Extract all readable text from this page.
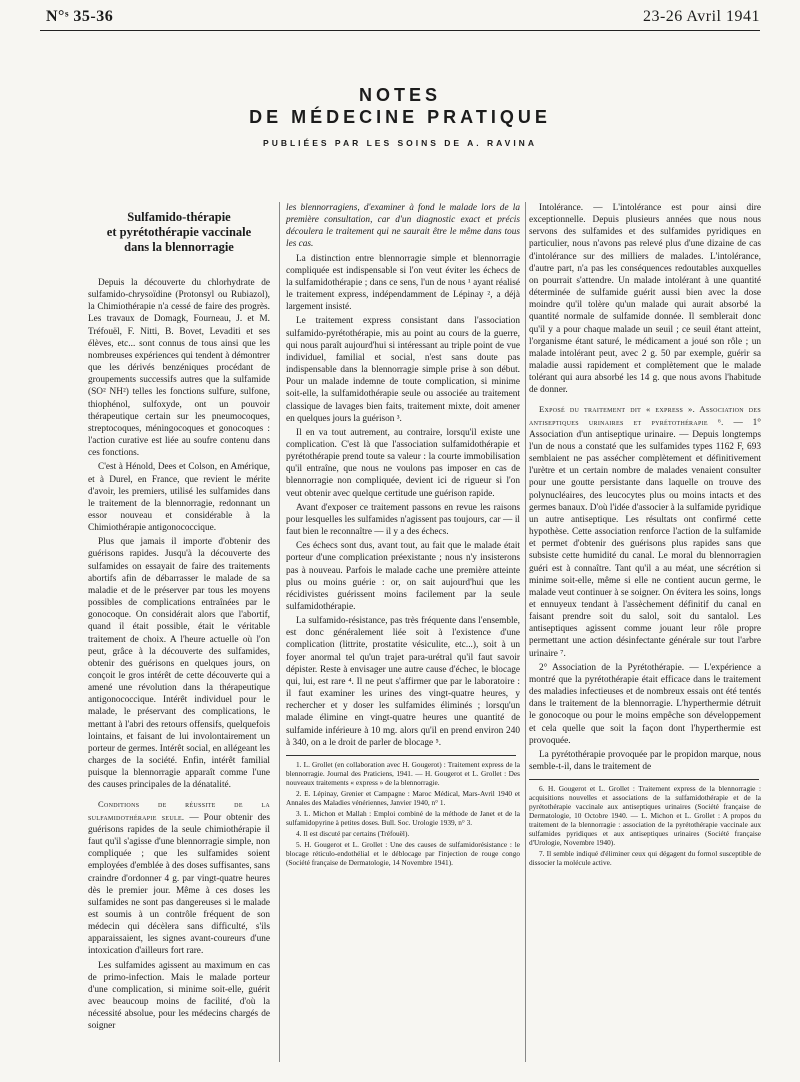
N°ˢ 35-36	23-26 Avril 1941
NOTES
DE MÉDECINE PRATIQUE
PUBLIÉES PAR LES SOINS DE A. RAVINA
Sulfamido-thérapie
et pyrétothérapie vaccinale
dans la blennorragie

Depuis la découverte du chlorhydrate de sulfamido-chrysoïdine (Protonsyl ou Rubiazol), la Chimiothérapie n'a cessé de faire des progrès. Les travaux de Domagk, Fourneau, J. et M. Tréfouël, F. Nitti, B. Bovet, Levaditi et ses élèves, etc... sont connus de tous ainsi que les nombreuses expériences qui tendent à démontrer que les dérivés benzéniques procédant de groupements successifs autres que la sulfamide (SO² NH²) telles les fonctions sulfure, sulfone, thiophénol, sulfoxyde, ont un pouvoir thérapeutique certain sur les pneumocoques, streptocoques, méningocoques et gonocoques : l'action curative est liée au soufre contenu dans ces fonctions.

C'est à Hénold, Dees et Colson, en Amérique, et à Durel, en France, que revient le mérite d'avoir, les premiers, utilisé les sulfamides dans le traitement de la blennorragie, redonnant un essor nouveau et considérable à la Chimiothérapie antigonococcique.

Plus que jamais il importe d'obtenir des guérisons rapides. Jusqu'à la découverte des sulfamides on essayait de faire des traitements abortifs afin de débarrasser le malade de sa maladie et de le préserver par tous les moyens possibles de complications entraînées par le gonocoque. On considérait alors que l'abortif, quand il était possible, était le véritable traitement de choix. A l'heure actuelle où l'on peut, grâce à la découverte des sulfamides, obtenir des guérisons en quelques jours, on conçoit le gros intérêt de cette découverte qui a amené une révolution dans la thérapeutique antigonococcique. Intérêt individuel pour le malade, le préservant des complications, le mettant à l'abri des retours offensifs, quelquefois lointains, et faisant de lui involontairement un porteur de germes. Intérêt social, en allégeant les charges de la société. Enfin, intérêt familial puisque la blennorragie apparaît comme l'une des causes principales de la dénatalité.

Conditions de réussite de la sulfamidothérapie seule. — Pour obtenir des guérisons rapides de la seule chimiothérapie il faut qu'il s'agisse d'une blennorragie simple, non compliquée ; que les sulfamides soient employées d'emblée à des doses suffisantes, sans craindre d'ordonner 4 g. par vingt-quatre heures dès le premier jour. Même à ces doses les sulfamides ne sont pas dangereuses si le malade est soumis à un contrôle fréquent de son médecin qui décèlera sans difficulté, s'ils apparaissaient, les signes avant-coureurs d'une intoxication d'ailleurs fort rare.

Les sulfamides agissent au maximum en cas de primo-infection. Mais le malade porteur d'une complication, si minime soit-elle, guérit avec beaucoup moins de facilité, d'où la nécessité absolue, pour les médecins chargés de soigner

les blennorragiens, d'examiner à fond le malade lors de la première consultation, car d'un diagnostic exact et précis découlera le traitement qui ne saurait être le même dans tous les cas.

La distinction entre blennorragie simple et blennorragie compliquée est indispensable si l'on veut éviter les échecs de la sulfamidothérapie ; dans ce sens, l'un de nous ¹ ayant réalisé le traitement express, indépendamment de Lépinay ², a déjà largement insisté.

Le traitement express consistant dans l'association sulfamido-pyrétothérapie, mis au point au cours de la guerre, qui nous paraît aujourd'hui si intéressant au triple point de vue individuel, familial et social, n'est sans doute pas indispensable dans la blennorragie simple prise à son début. Pour un malade indemne de toute complication, si minime soit-elle, la sulfamidothérapie seule ou associée au traitement classique de lavages bien faits, traitement mixte, doit amener en quelques jours la guérison ³.

Il en va tout autrement, au contraire, lorsqu'il existe une complication. C'est là que l'association sulfamidothérapie et pyrétothérapie prend toute sa valeur : la courte immobilisation qu'il entraîne, que nous ne voulons pas imposer en cas de blennorragie non compliquée, devient ici de rigueur si l'on veut obtenir avec quelque certitude une guérison rapide.

Avant d'exposer ce traitement passons en revue les raisons pour lesquelles les sulfamides n'agissent pas toujours, car — il faut bien le reconnaître — il y a des échecs.

Ces échecs sont dus, avant tout, au fait que le malade était porteur d'une complication préexistante ; nous n'y insisterons pas à nouveau. Parfois le malade cache une première atteinte plus ou moins guérie : or, on sait aujourd'hui que les récidivistes guérissent moins facilement par la seule sulfamidothérapie.

La sulfamido-résistance, pas très fréquente dans l'ensemble, est donc généralement liée soit à l'existence d'une complication (littrite, prostatite vésiculite, etc...), soit à un foyer anormal tel qu'un trajet para-urétral qu'il faut savoir dépister. Reste à envisager une autre cause d'échec, le blocage qui, lui, est rare ⁴. Il ne peut s'affirmer que par le laboratoire : il faut examiner les urines des vingt-quatre heures, y rechercher et y doser les sulfamides éliminés ; lorsqu'un malade élimine en vingt-quatre heures une quantité de sulfamide inférieure à 10 mg. alors qu'il en prend environ 240 à 340, on a le droit de parler de blocage ⁵.

1. L. Grollet (en collaboration avec H. Gougerot) : Traitement express de la blennorragie. Journal des Praticiens, 1941. — H. Gougerot et L. Grollet : Des nouveaux traitements « express » de la blennorragie.

2. E. Lépinay, Grenier et Campagne : Maroc Médical, Mars-Avril 1940 et Annales des Maladies vénériennes, Janvier 1940, n° 1.

3. L. Michon et Mallah : Emploi combiné de la méthode de Janet et de la sulfamidopyrine à petites doses. Bull. Soc. Urologie 1939, n° 3.

4. Il est discuté par certains (Tréfouël).

5. H. Gougerot et L. Grollet : Une des causes de sulfamidorésistance : le blocage réticulo-endothélial et le déblocage par l'injection de rouge congo (Société française de Dermatologie, 14 Novembre 1941).

Intolérance. — L'intolérance est pour ainsi dire exceptionnelle. Depuis plusieurs années que nous nous servons des sulfamides et des sulfamides pyridiques en particulier, nous n'avons pas relevé plus d'une dizaine de cas d'intolérance sur des milliers de malades. L'intolérance, d'autre part, n'a pas les conséquences redoutables auxquelles on pourrait s'attendre. Un malade intolérant à une quantité déterminée de sulfamide guérit aussi bien avec la dose moindre qu'il tolère qu'un malade qui aurait absorbé la quantité normale de sulfamide donnée. Il semblerait donc qu'il y a pour chaque malade un seuil ; ce seuil étant atteint, l'organisme étant saturé, le médicament a joué son rôle ; un malade intolérant peut, avec 2 g. 50 par exemple, guérir sa maladie aussi rapidement et complètement que le malade tolérant qui aura absorbé les 14 g. que nous avons l'habitude de donner.

Exposé du traitement dit « express ». Association des antiseptiques urinaires et pyrétothérapie ⁶. — 1° Association d'un antiseptique urinaire. — Depuis longtemps l'un de nous a constaté que les sulfamides types 1162 F, 693 semblaient ne pas assécher complètement et définitivement l'urètre et un certain nombre de malades venaient consulter pour une goutte persistante dans laquelle on trouve des polynucléaires, des leucocytes plus ou moins intacts et des germes banaux. D'où l'idée d'associer à la sulfamide pyridique un autre antiseptique. Les résultats ont confirmé cette hypothèse. Cette association renforce l'action de la sulfamide et permet d'obtenir des guérisons plus rapides sans que subsiste cette humidité du canal. Le moral du blennorragien guéri est à connaître. Tant qu'il a au méat, une sécrétion si minime soit-elle, même si elle ne contient aucun germe, le malade veut continuer à se soigner. On évitera les soins, longs et ennuyeux tendant à l'assèchement définitif du canal en faisant prendre soit du salol, soit du santalol. Les antiseptiques agissent comme jouant leur rôle propre permettant une action désinfectante générale sur tout l'arbre urinaire ⁷.

2° Association de la Pyrétothérapie. — L'expérience a montré que la pyrétothérapie était efficace dans le traitement des maladies infectieuses et de nombreux essais ont été tentés dans le traitement de la blennorragie. L'hyperthermie détruit le gonocoque ou pour le moins empêche son développement et cela quelle que soit la façon dont l'hyperthermie est provoquée.

La pyrétothérapie provoquée par le propidon marque, nous semble-t-il, dans le traitement de

6. H. Gougerot et L. Grollet : Traitement express de la blennorragie : acquisitions nouvelles et associations de la sulfamidothérapie et de la pyrétothérapie vaccinale aux antiseptiques urinaires (Société française de Dermatologie, 10 Octobre 1940. — L. Michon et L. Grollet : A propos du traitement de la blennorragie : association de la pyrétothérapie vaccinale aux sulfamides pyridiques et aux antiseptiques urinaires (Société française d'Urologie, Novembre 1940).

7. Il semble indiqué d'éliminer ceux qui dégagent du formol susceptible de dissocier la molécule active.
